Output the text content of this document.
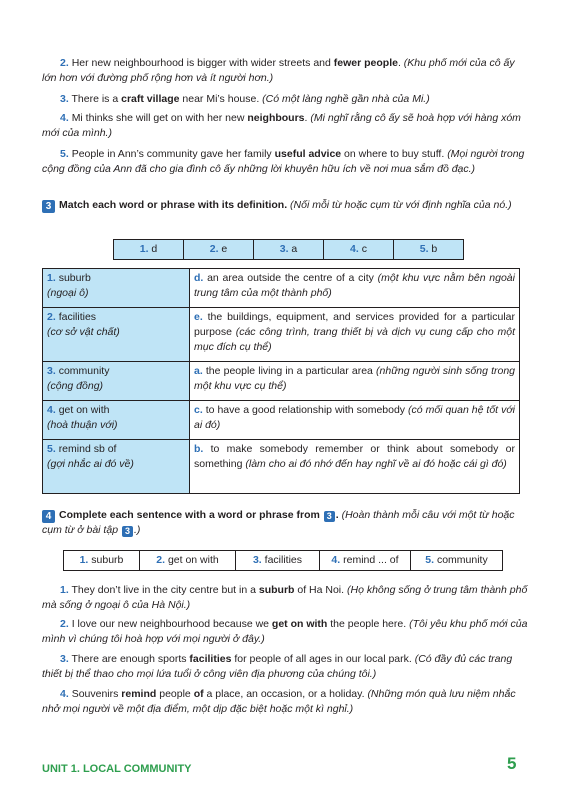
2. Her new neighbourhood is bigger with wider streets and fewer people. (Khu phố mới của cô ấy lớn hơn với đường phố rộng hơn và ít người hơn.)

3. There is a craft village near Mi’s house. (Có một làng nghề gần nhà của Mi.)

4. Mi thinks she will get on with her new neighbours. (Mi nghĩ rằng cô ấy sẽ hoà hợp với hàng xóm mới của mình.)

5. People in Ann’s community gave her family useful advice on where to buy stuff. (Mọi người trong cộng đồng của Ann đã cho gia đình cô ấy những lời khuyên hữu ích về nơi mua sắm đồ đạc.)

3 Match each word or phrase with its definition. (Nối mỗi từ hoặc cụm từ với định nghĩa của nó.)

1. d	2. e	3. a	4. c	5. b
1. suburb
(ngoại ô)	d. an area outside the centre of a city (một khu vực nằm bên ngoài trung tâm của một thành phố)
2. facilities
(cơ sở vật chất)	e. the buildings, equipment, and services provided for a particular purpose (các công trình, trang thiết bị và dịch vụ cung cấp cho một mục đích cụ thể)
3. community
(cộng đồng)	a. the people living in a particular area (những người sinh sống trong một khu vực cụ thể)
4. get on with
(hoà thuận với)	c. to have a good relationship with somebody (có mối quan hệ tốt với ai đó)
5. remind sb of
(gợi nhắc ai đó về)	b. to make somebody remember or think about somebody or something (làm cho ai đó nhớ đến hay nghĩ về ai đó hoặc cái gì đó)

4 Complete each sentence with a word or phrase from 3 . (Hoàn thành mỗi câu với một từ hoặc cụm từ ở bài tập 3 .)

1. suburb	2. get on with	3. facilities	4. remind ... of	5. community

1. They don’t live in the city centre but in a suburb of Ha Noi. (Họ không sống ở trung tâm thành phố mà sống ở ngoại ô của Hà Nội.)

2. I love our new neighbourhood because we get on with the people here. (Tôi yêu khu phố mới của mình vì chúng tôi hoà hợp với mọi người ở đây.)

3. There are enough sports facilities for people of all ages in our local park. (Có đầy đủ các trang thiết bị thể thao cho mọi lứa tuổi ở công viên địa phương của chúng tôi.)

4. Souvenirs remind people of a place, an occasion, or a holiday. (Những món quà lưu niệm nhắc nhở mọi người về một địa điểm, một dịp đặc biệt hoặc một kì nghỉ.)

UNIT 1. LOCAL COMMUNITY	5
